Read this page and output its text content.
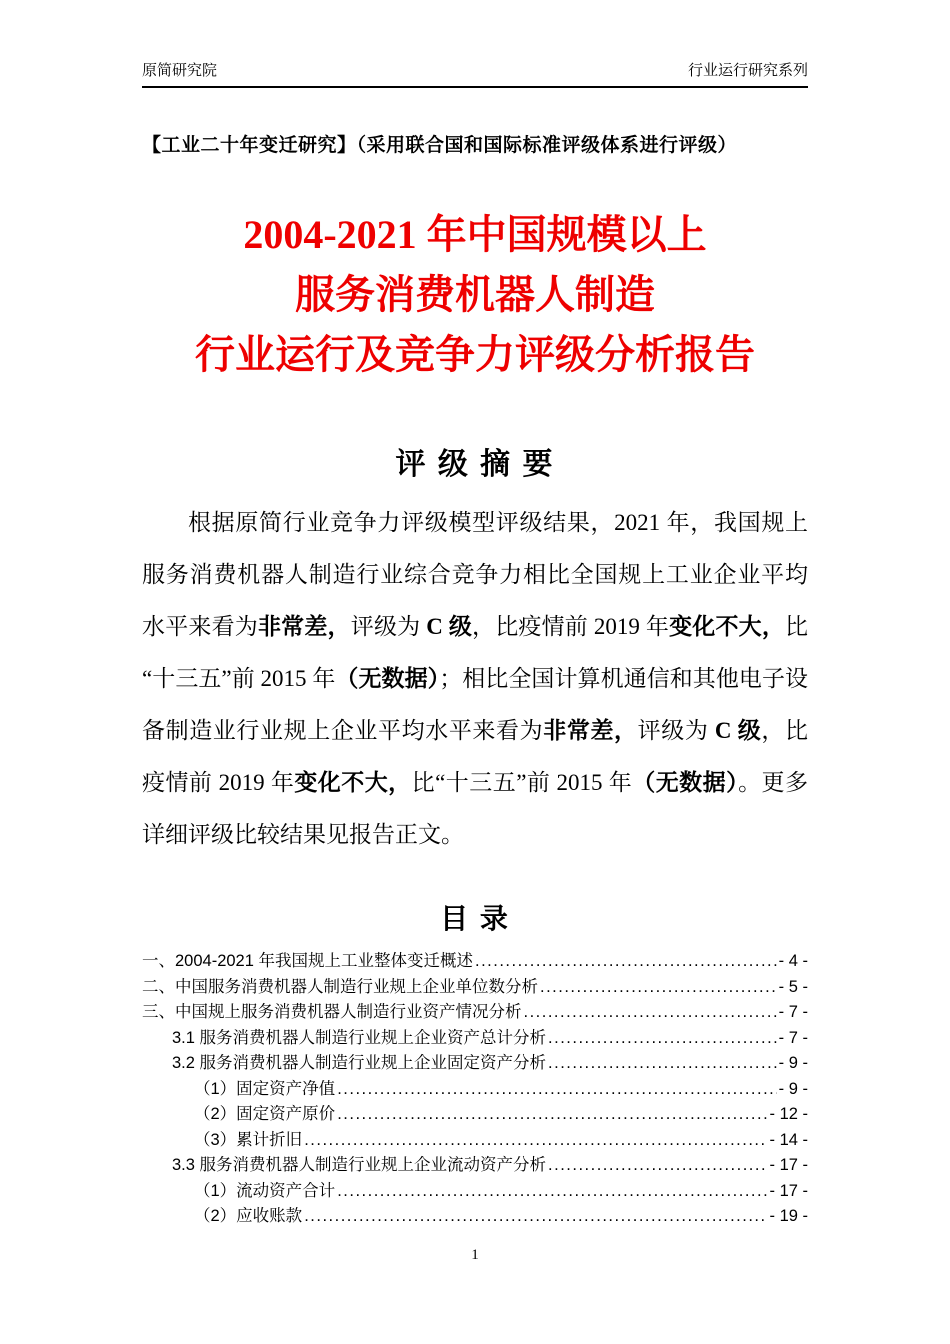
原简研究院	行业运行研究系列
【工业二十年变迁研究】（采用联合国和国际标准评级体系进行评级）
2004-2021 年中国规模以上
服务消费机器人制造
行业运行及竞争力评级分析报告
评 级 摘 要

根据原简行业竞争力评级模型评级结果，2021 年，我国规上服务消费机器人制造行业综合竞争力相比全国规上工业企业平均水平来看为非常差，评级为 C 级，比疫情前 2019 年变化不大，比“十三五”前 2015 年（无数据）；相比全国计算机通信和其他电子设备制造业行业规上企业平均水平来看为非常差，评级为 C 级，比疫情前 2019 年变化不大，比“十三五”前 2015 年（无数据）。更多详细评级比较结果见报告正文。

目 录
一、2004-2021 年我国规上工业整体变迁概述 .....	- 4 -
二、中国服务消费机器人制造行业规上企业单位数分析 .....	- 5 -
三、中国规上服务消费机器人制造行业资产情况分析 .....	- 7 -
3.1 服务消费机器人制造行业规上企业资产总计分析 .....	- 7 -
3.2 服务消费机器人制造行业规上企业固定资产分析 .....	- 9 -
（1）固定资产净值 .....	- 9 -
（2）固定资产原价 .....	- 12 -
（3）累计折旧 .....	- 14 -
3.3 服务消费机器人制造行业规上企业流动资产分析 .....	- 17 -
（1）流动资产合计 .....	- 17 -
（2）应收账款 .....	- 19 -
1
